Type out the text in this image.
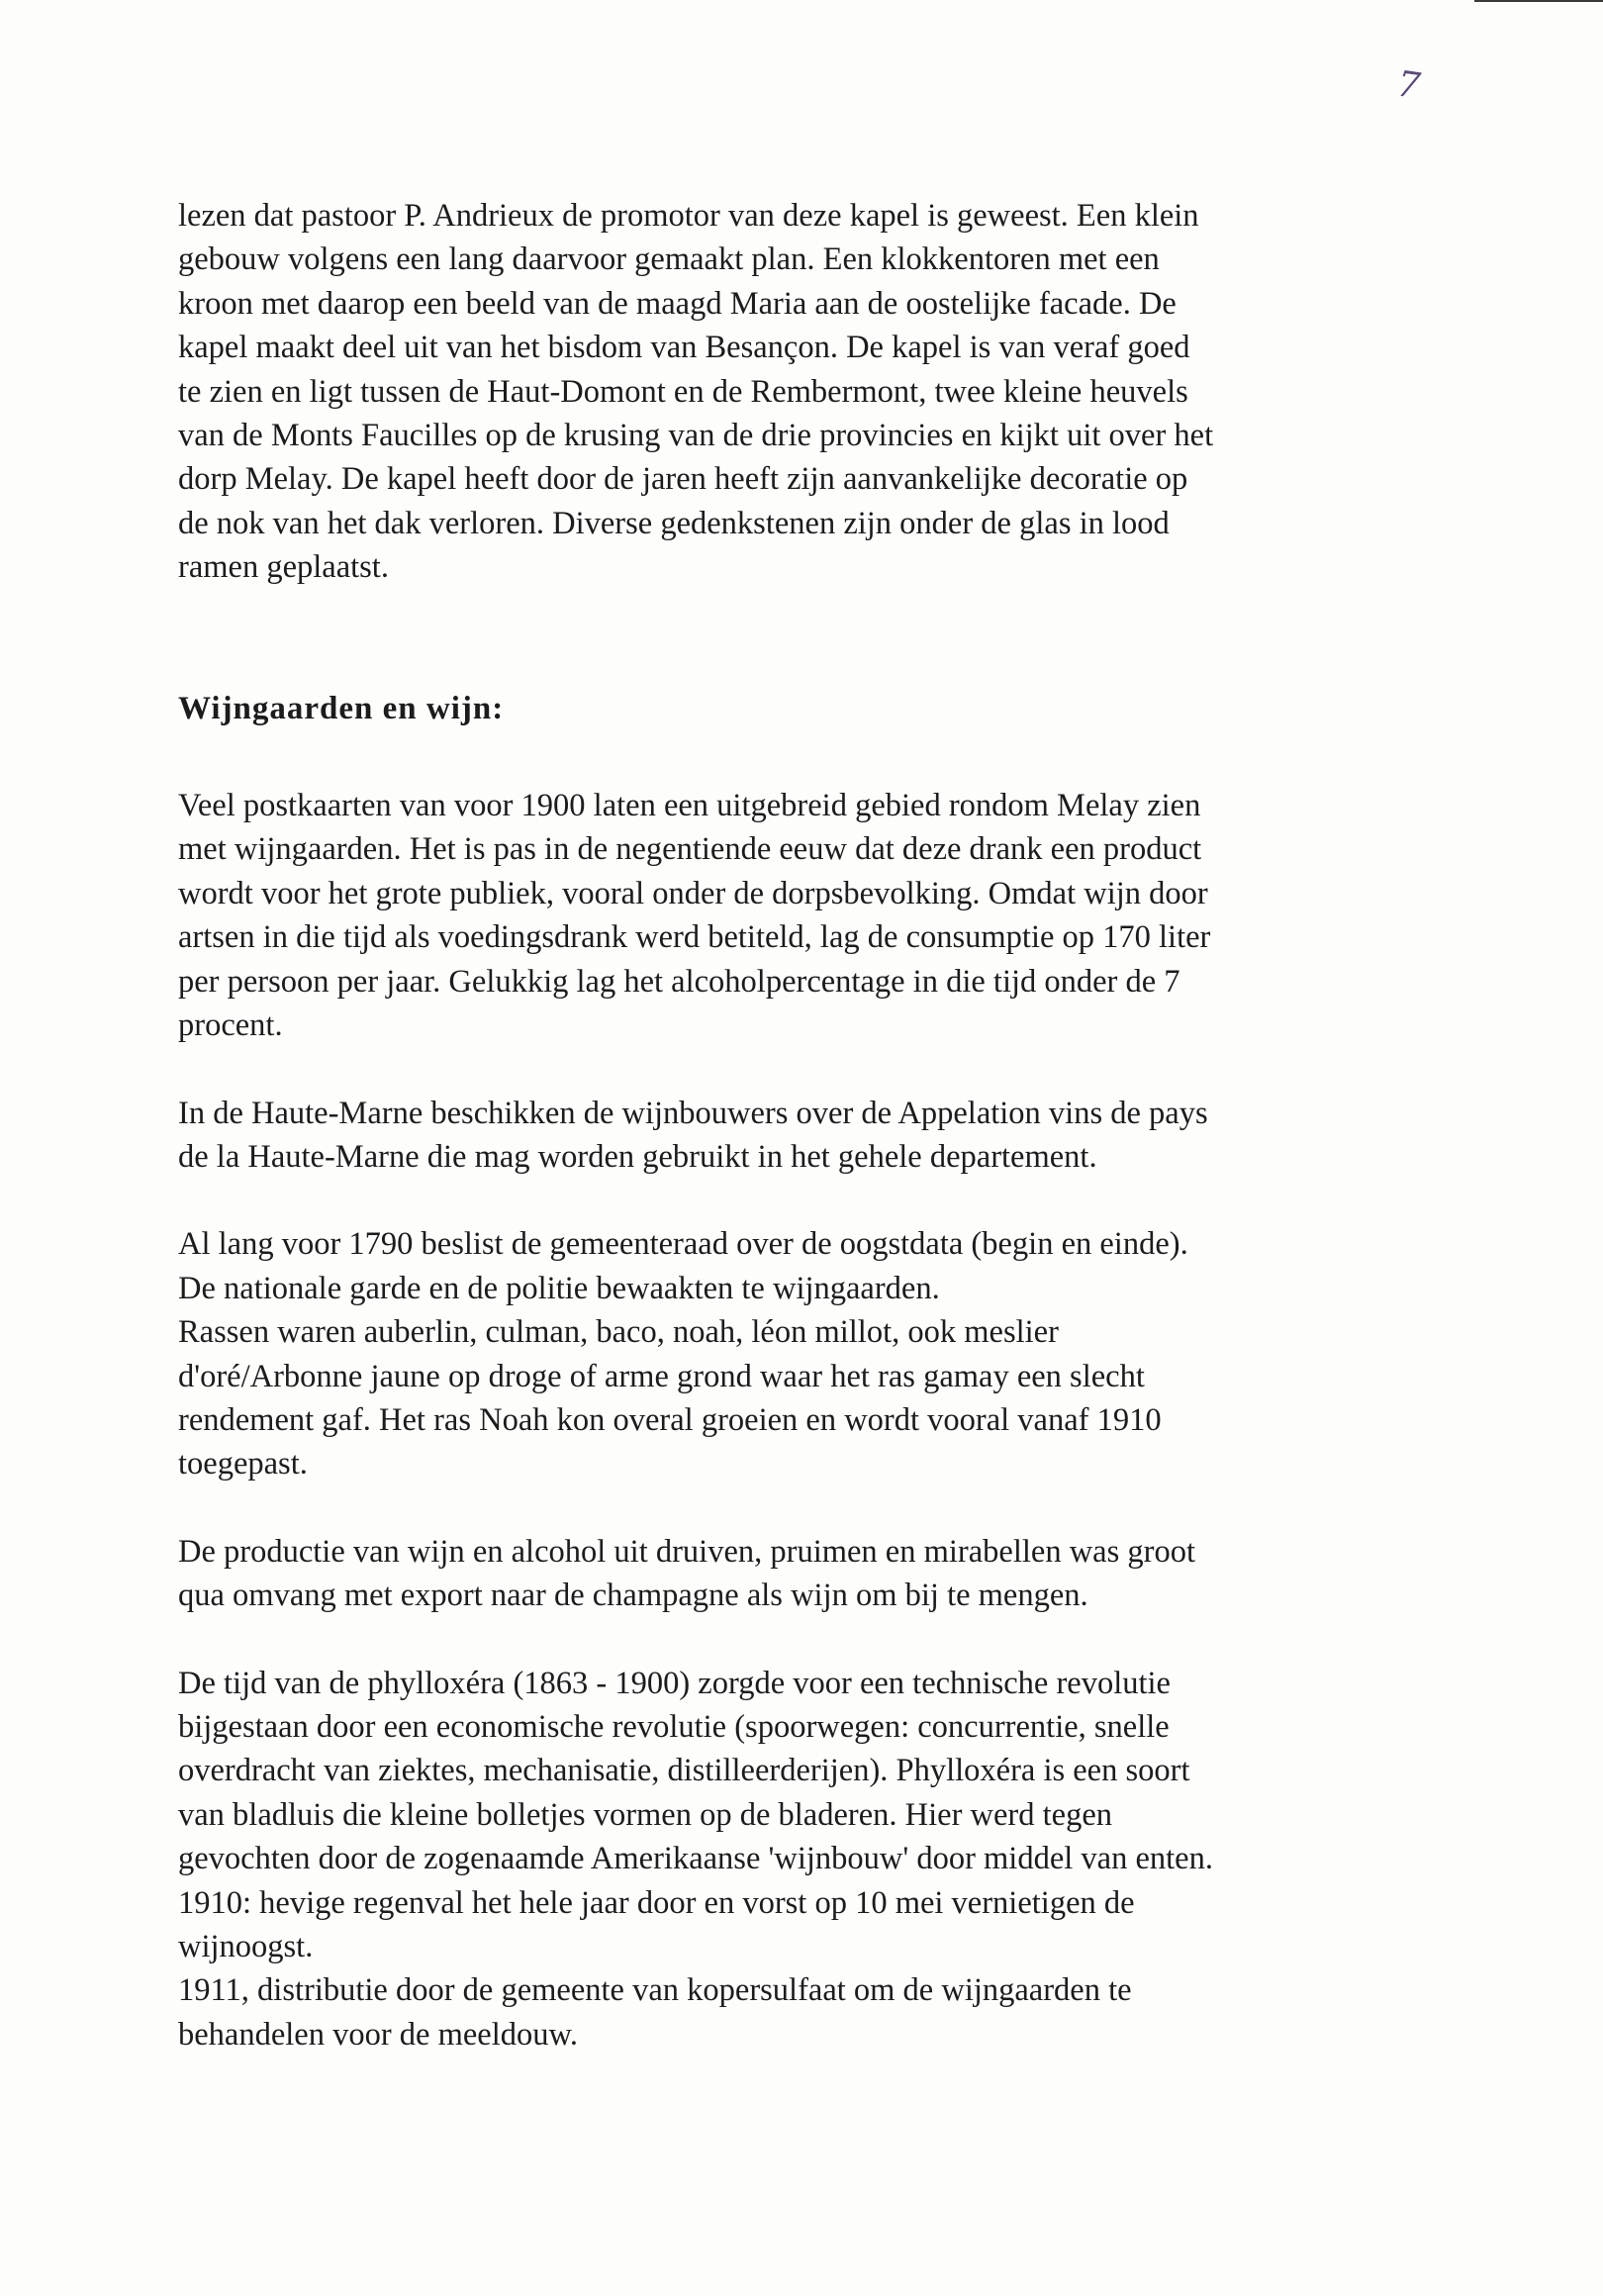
7

lezen dat pastoor P. Andrieux de promotor van deze kapel is geweest. Een klein
gebouw volgens een lang daarvoor gemaakt plan. Een klokkentoren met een
kroon met daarop een beeld van de maagd Maria aan de oostelijke facade. De
kapel maakt deel uit van het bisdom van Besançon. De kapel is van veraf goed
te zien en ligt tussen de Haut-Domont en de Rembermont, twee kleine heuvels
van de Monts Faucilles op de krusing van de drie provincies en kijkt uit over het
dorp Melay. De kapel heeft door de jaren heeft zijn aanvankelijke decoratie op
de nok van het dak verloren. Diverse gedenkstenen zijn onder de glas in lood
ramen geplaatst.

Wijngaarden en wijn:

Veel postkaarten van voor 1900 laten een uitgebreid gebied rondom Melay zien
met wijngaarden. Het is pas in de negentiende eeuw dat deze drank een product
wordt voor het grote publiek, vooral onder de dorpsbevolking. Omdat wijn door
artsen in die tijd als voedingsdrank werd betiteld, lag de consumptie op 170 liter
per persoon per jaar. Gelukkig lag het alcoholpercentage in die tijd onder de 7
procent.

In de Haute-Marne beschikken de wijnbouwers over de Appelation vins de pays
de la Haute-Marne die mag worden gebruikt in het gehele departement.

Al lang voor 1790 beslist de gemeenteraad over de oogstdata (begin en einde).
De nationale garde en de politie bewaakten te wijngaarden.
Rassen waren auberlin, culman, baco, noah, léon millot, ook meslier
d'oré/Arbonne jaune op droge of arme grond waar het ras gamay een slecht
rendement gaf. Het ras Noah kon overal groeien en wordt vooral vanaf 1910
toegepast.

De productie van wijn en alcohol uit druiven, pruimen en mirabellen was groot
qua omvang met export naar de champagne als wijn om bij te mengen.

De tijd van de phylloxéra (1863 - 1900) zorgde voor een technische revolutie
bijgestaan door een economische revolutie (spoorwegen: concurrentie, snelle
overdracht van ziektes, mechanisatie, distilleerderijen). Phylloxéra is een soort
van bladluis die kleine bolletjes vormen op de bladeren. Hier werd tegen
gevochten door de zogenaamde Amerikaanse 'wijnbouw' door middel van enten.
1910: hevige regenval het hele jaar door en vorst op 10 mei vernietigen de
wijnoogst.
1911, distributie door de gemeente van kopersulfaat om de wijngaarden te
behandelen voor de meeldouw.
